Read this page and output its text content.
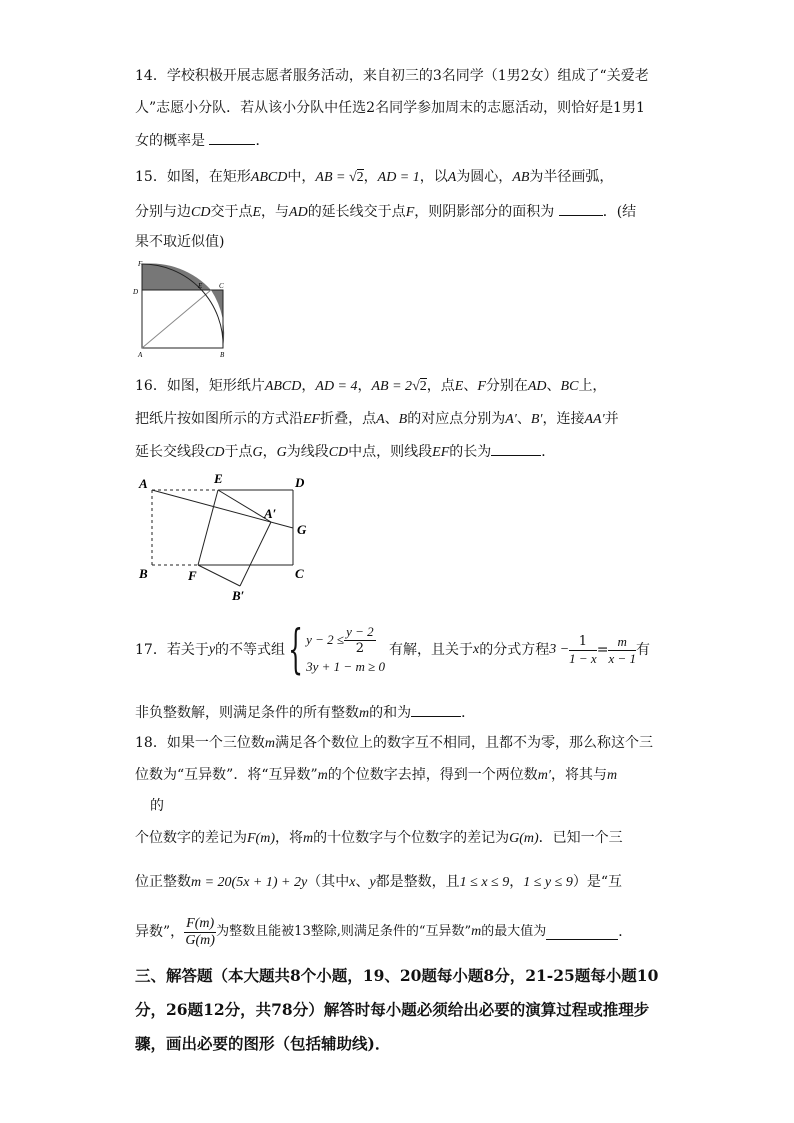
14．学校积极开展志愿者服务活动，来自初三的3名同学（1男2女）组成了“关爱老
人”志愿小分队．若从该小分队中任选2名同学参加周末的志愿活动，则恰好是1男1
女的概率是	．
15．如图，在矩形ABCD中，AB = √2，AD = 1，以A为圆心，AB为半径画弧，
分别与边CD交于点E，与AD的延长线交于点F，则阴影部分的面积为	．(结
果不取近似值)
F
D
E C
A	B
16．如图，矩形纸片ABCD，AD = 4，AB = 2√2，点E、F分别在AD、BC上，
把纸片按如图所示的方式沿EF折叠，点A、B的对应点分别为A′、B′，连接AA′并
延长交线段CD于点G，G为线段CD中点，则线段EF的长为	．
A	E	D
A′
G
B	F	C
B′
17．若关于 y 的不等式组 { $y - 2 \le \frac{y - 2}{2}$
3y + 1 − m ≥ 0
有解，且关于 x 的分式方程 $3 - \frac{1}{1 - x} = \frac{m}{x - 1}$ 有
非负整数解，则满足条件的所有整数m的和为	．
18．如果一个三位数m满足各个数位上的数字互不相同，且都不为零，那么称这个三
位数为“互异数”．将“互异数”m的个位数字去掉，得到一个两位数m′，将其与m
的
个位数字的差记为F(m)，将m的十位数字与个位数字的差记为G(m)．已知一个三
位正整数m = 20(5x + 1) + 2y（其中x、y都是整数，且1 ≤ x ≤ 9，1 ≤ y ≤ 9）是“互
异数”， $\frac{F(m)}{G(m)}$ 为整数且能被13整除,则满足条件的“互异数” m 的最大值为	．
三、解答题（本大题共8个小题，19、20题每小题8分，21-25题每小题10
分，26题12分，共78分）解答时每小题必须给出必要的演算过程或推理步
骤，画出必要的图形（包括辅助线)．
